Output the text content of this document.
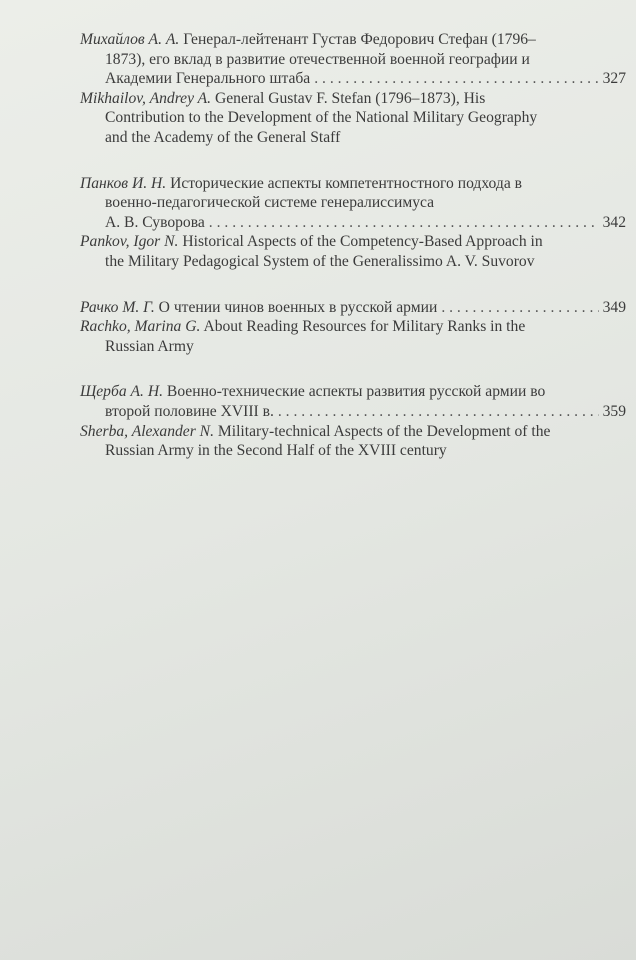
Михайлов А. А. Генерал-лейтенант Густав Федорович Стефан (1796–
1873), его вклад в развитие отечественной военной географии и
Академии Генерального штаба . . .	327
Mikhailov, Andrey A. General Gustav F. Stefan (1796–1873), His
Contribution to the Development of the National Military Geography
and the Academy of the General Staff
Панков И. Н. Исторические аспекты компетентностного подхода в
военно-педагогической системе генералиссимуса
А. В. Суворова . . .	342
Pankov, Igor N. Historical Aspects of the Competency-Based Approach in
the Military Pedagogical System of the Generalissimo A. V. Suvorov
Рачко М. Г. О чтении чинов военных в русской армии . . .	349
Rachko, Marina G. About Reading Resources for Military Ranks in the
Russian Army
Щерба А. Н. Военно-технические аспекты развития русской армии во
второй половине XVIII в. . . .	359
Sherba, Alexander N. Military-technical Aspects of the Development of the
Russian Army in the Second Half of the XVIII century
